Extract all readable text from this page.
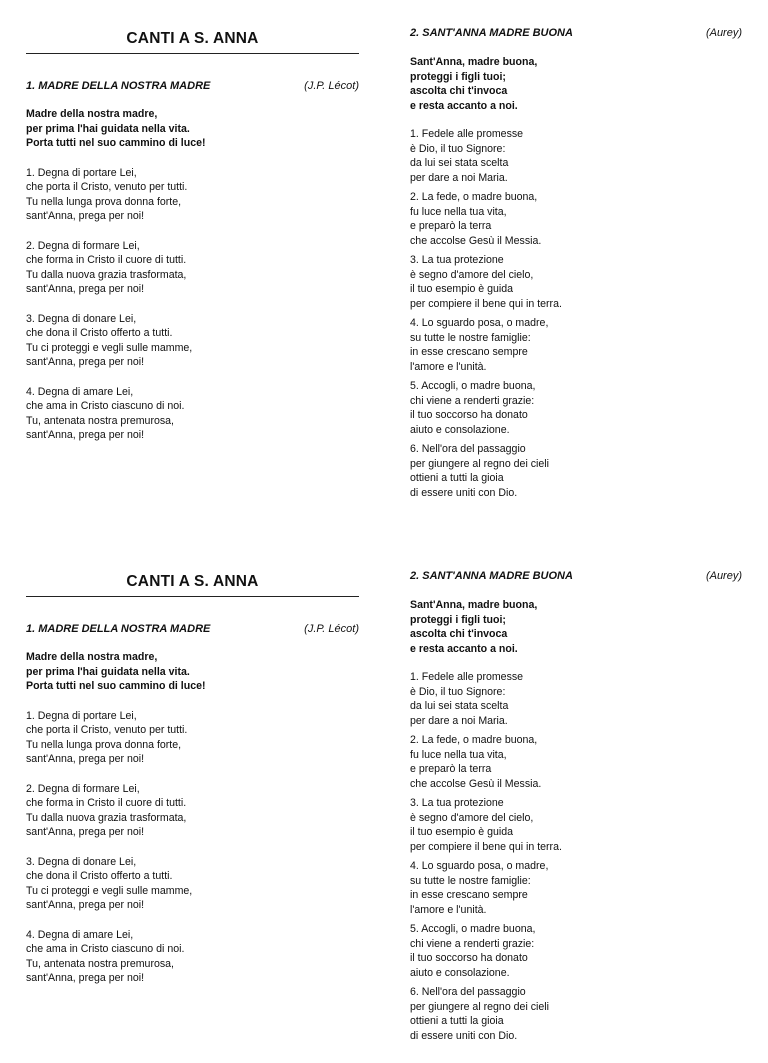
CANTI A S. ANNA
1. MADRE DELLA NOSTRA MADRE	(J.P. Lécot)

Madre della nostra madre,
per prima l'hai guidata nella vita.
Porta tutti nel suo cammino di luce!

1. Degna di portare Lei,
che porta il Cristo, venuto per tutti.
Tu nella lunga prova donna forte,
sant'Anna, prega per noi!

2. Degna di formare Lei,
che forma in Cristo il cuore di tutti.
Tu dalla nuova grazia trasformata,
sant'Anna, prega per noi!

3. Degna di donare Lei,
che dona il Cristo offerto a tutti.
Tu ci proteggi e vegli sulle mamme,
sant'Anna, prega per noi!

4. Degna di amare Lei,
che ama in Cristo ciascuno di noi.
Tu, antenata nostra premurosa,
sant'Anna, prega per noi!

2. SANT'ANNA MADRE BUONA	(Aurey)

Sant'Anna, madre buona,
proteggi i figli tuoi;
ascolta chi t'invoca
e resta accanto a noi.

1. Fedele alle promesse
è Dio, il tuo Signore:
da lui sei stata scelta
per dare a noi Maria.

2. La fede, o madre buona,
fu luce nella tua vita,
e preparò la terra
che accolse Gesù il Messia.

3. La tua protezione
è segno d'amore del cielo,
il tuo esempio è guida
per compiere il bene qui in terra.

4. Lo sguardo posa, o madre,
su tutte le nostre famiglie:
in esse crescano sempre
l'amore e l'unità.

5. Accogli, o madre buona,
chi viene a renderti grazie:
il tuo soccorso ha donato
aiuto e consolazione.

6. Nell'ora del passaggio
per giungere al regno dei cieli
ottieni a tutti la gioia
di essere uniti con Dio.

CANTI A S. ANNA
1. MADRE DELLA NOSTRA MADRE	(J.P. Lécot)

Madre della nostra madre,
per prima l'hai guidata nella vita.
Porta tutti nel suo cammino di luce!

1. Degna di portare Lei,
che porta il Cristo, venuto per tutti.
Tu nella lunga prova donna forte,
sant'Anna, prega per noi!

2. Degna di formare Lei,
che forma in Cristo il cuore di tutti.
Tu dalla nuova grazia trasformata,
sant'Anna, prega per noi!

3. Degna di donare Lei,
che dona il Cristo offerto a tutti.
Tu ci proteggi e vegli sulle mamme,
sant'Anna, prega per noi!

4. Degna di amare Lei,
che ama in Cristo ciascuno di noi.
Tu, antenata nostra premurosa,
sant'Anna, prega per noi!

2. SANT'ANNA MADRE BUONA	(Aurey)

Sant'Anna, madre buona,
proteggi i figli tuoi;
ascolta chi t'invoca
e resta accanto a noi.

1. Fedele alle promesse
è Dio, il tuo Signore:
da lui sei stata scelta
per dare a noi Maria.

2. La fede, o madre buona,
fu luce nella tua vita,
e preparò la terra
che accolse Gesù il Messia.

3. La tua protezione
è segno d'amore del cielo,
il tuo esempio è guida
per compiere il bene qui in terra.

4. Lo sguardo posa, o madre,
su tutte le nostre famiglie:
in esse crescano sempre
l'amore e l'unità.

5. Accogli, o madre buona,
chi viene a renderti grazie:
il tuo soccorso ha donato
aiuto e consolazione.

6. Nell'ora del passaggio
per giungere al regno dei cieli
ottieni a tutti la gioia
di essere uniti con Dio.
